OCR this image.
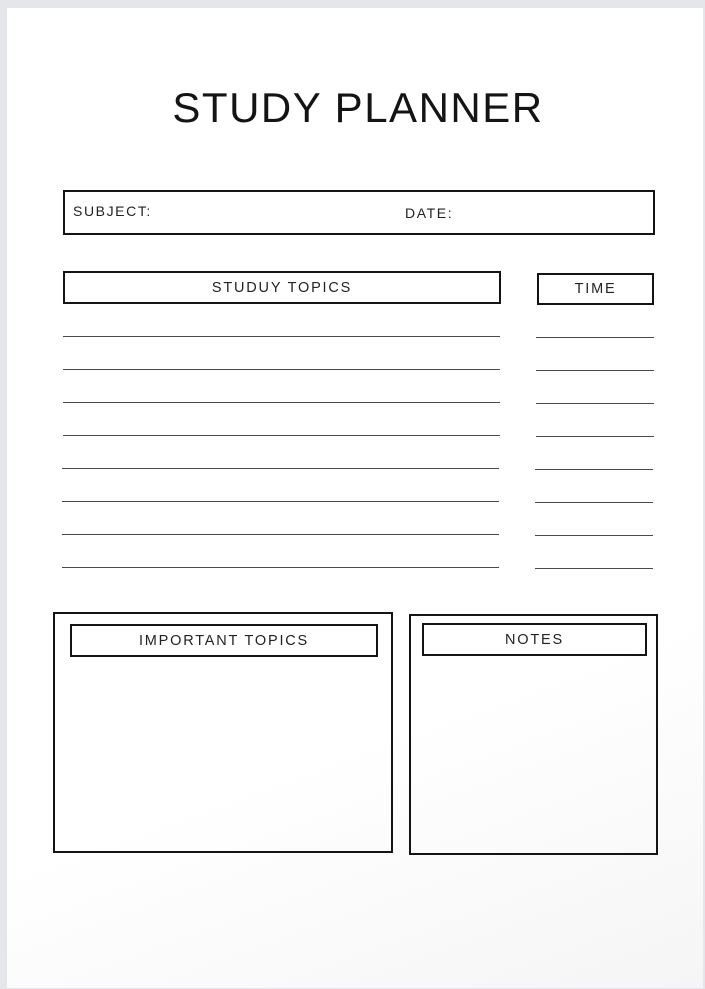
STUDY PLANNER
SUBJECT:	DATE:
STUDUY TOPICS	TIME
IMPORTANT TOPICS	NOTES
